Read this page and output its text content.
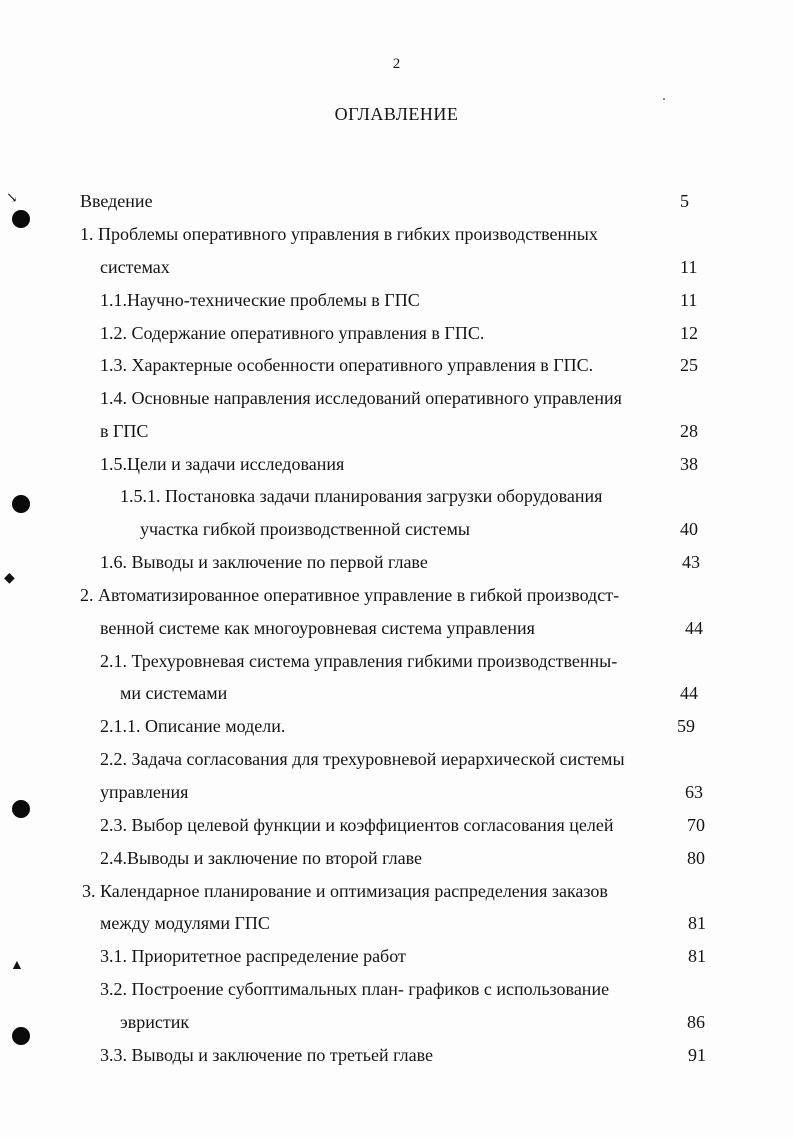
2
ОГЛАВЛЕНИЕ
↘
◆
▲
Введение	5
1. Проблемы оперативного управления в гибких производственных
системах	11
1.1.Научно-технические проблемы в ГПС	11
1.2. Содержание оперативного управления в ГПС.	12
1.3. Характерные особенности оперативного управления в ГПС.	25
1.4. Основные направления исследований оперативного управления
в ГПС	28
1.5.Цели и задачи исследования	38
1.5.1. Постановка задачи планирования загрузки оборудования
участка гибкой производственной системы	40
1.6. Выводы и заключение по первой главе	43
2. Автоматизированное оперативное управление в гибкой производст-
венной системе как многоуровневая система управления	44
2.1. Трехуровневая система управления гибкими производственны-
ми системами	44
2.1.1. Описание модели.	59
2.2. Задача согласования для трехуровневой иерархической системы
управления	63
2.3. Выбор целевой функции и коэффициентов согласования целей	70
2.4.Выводы и заключение по второй главе	80
3. Календарное планирование и оптимизация распределения заказов
между модулями ГПС	81
3.1. Приоритетное распределение работ	81
3.2. Построение субоптимальных план- графиков с использование
эвристик	86
3.3. Выводы и заключение по третьей главе	91
